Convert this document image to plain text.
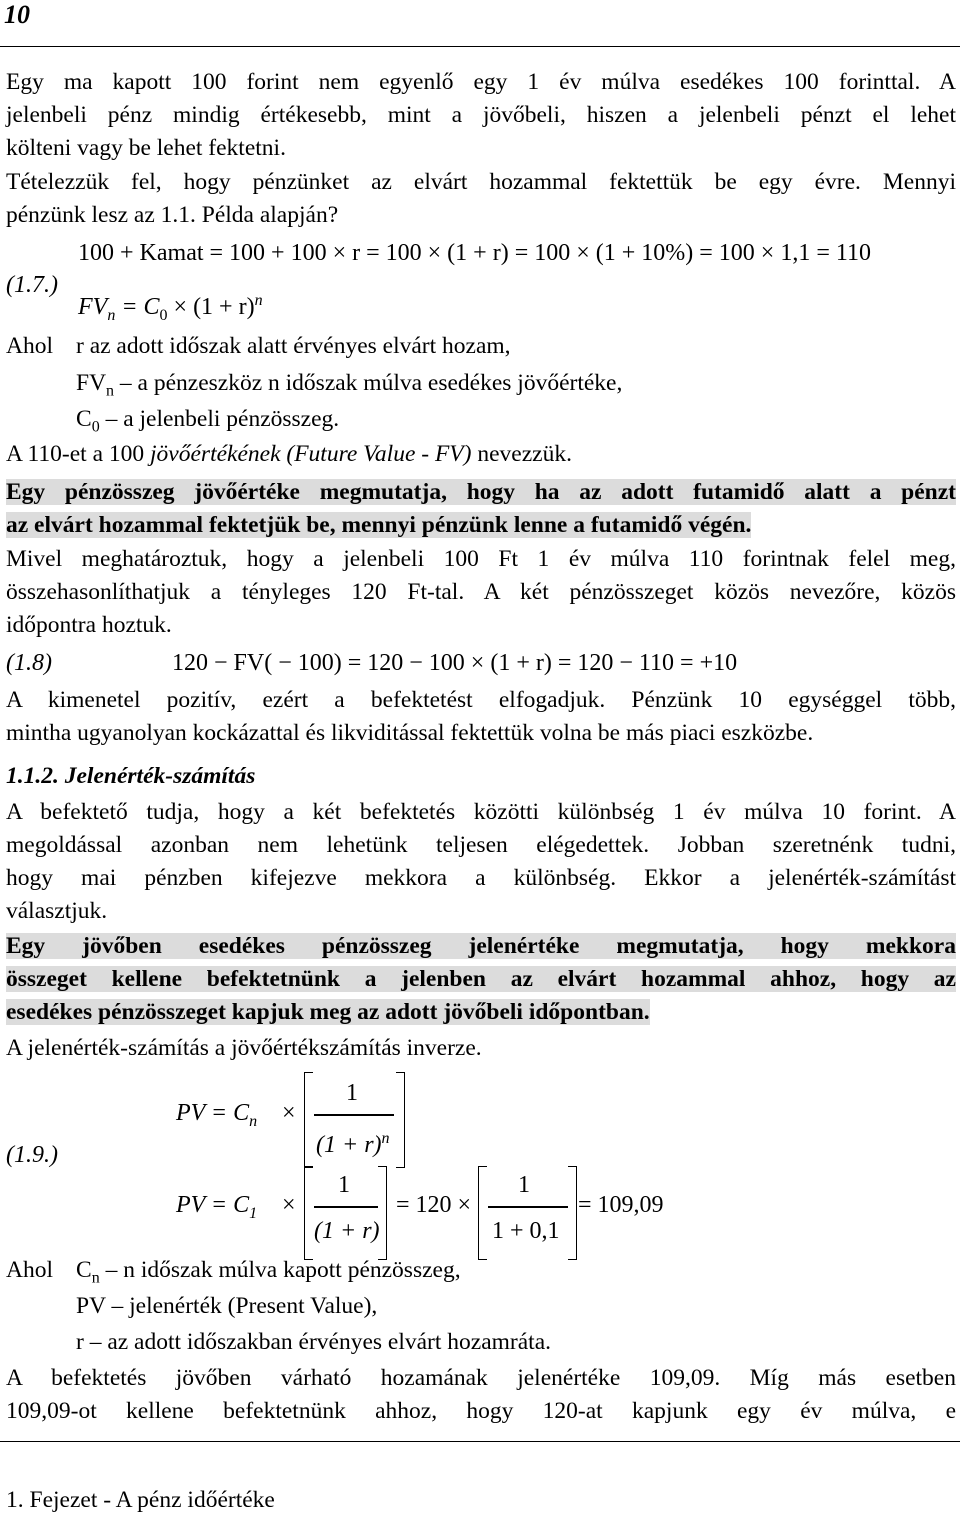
10

Egy ma kapott 100 forint nem egyenlő egy 1 év múlva esedékes 100 forinttal. A

jelenbeli pénz mindig értékesebb, mint a jövőbeli, hiszen a jelenbeli pénzt el lehet

költeni vagy be lehet fektetni.

Tételezzük fel, hogy pénzünket az elvárt hozammal fektettük be egy évre. Mennyi

pénzünk lesz az 1.1. Példa alapján?

100 + Kamat = 100 + 100 × r = 100 × (1 + r) = 100 × (1 + 10%) = 100 × 1,1 = 110
(1.7.)
$FV_n = C_0 \times (1 + r)^n$
Ahol r az adott időszak alatt érvényes elvárt hozam,
$FV_n$ – a pénzeszköz n időszak múlva esedékes jövőértéke,
$C_0$ – a jelenbeli pénzösszeg.
A 110-et a 100 jövőértékének (Future Value - FV) nevezzük.

Egy pénzösszeg jövőértéke megmutatja, hogy ha az adott futamidő alatt a pénzt

az elvárt hozammal fektetjük be, mennyi pénzünk lenne a futamidő végén.

Mivel meghatároztuk, hogy a jelenbeli 100 Ft 1 év múlva 110 forintnak felel meg,

összehasonlíthatjuk a tényleges 120 Ft-tal. A két pénzösszeget közös nevezőre, közös

időpontra hoztuk.

(1.8)	120 − FV( − 100) = 120 − 100 × (1 + r) = 120 − 110 = +10

A kimenetel pozitív, ezért a befektetést elfogadjuk. Pénzünk 10 egységgel több,

mintha ugyanolyan kockázattal és likviditással fektettük volna be más piaci eszközbe.

1.1.2. Jelenérték-számítás

A befektető tudja, hogy a két befektetés közötti különbség 1 év múlva 10 forint. A

megoldással azonban nem lehetünk teljesen elégedettek. Jobban szeretnénk tudni,

hogy mai pénzben kifejezve mekkora a különbség. Ekkor a jelenérték-számítást

választjuk.

Egy jövőben esedékes pénzösszeg jelenértéke megmutatja, hogy mekkora

összeget kellene befektetnünk a jelenben az elvárt hozammal ahhoz, hogy az

esedékes pénzösszeget kapjuk meg az adott jövőbeli időpontban.

A jelenérték-számítás a jövőértékszámítás inverze.
(1.9.)
PV = $C_n$ ×
1
$(1 + r)^n$
PV = $C_1$ ×
1
(1 + r)
= 120 ×
1
1 + 0,1
= 109,09
Ahol $C_n$ – n időszak múlva kapott pénzösszeg,
PV – jelenérték (Present Value),
r – az adott időszakban érvényes elvárt hozamráta.

A befektetés jövőben várható hozamának jelenértéke 109,09. Míg más esetben

109,09-ot kellene befektetnünk ahhoz, hogy 120-at kapjunk egy év múlva, e

1. Fejezet - A pénz időértéke
